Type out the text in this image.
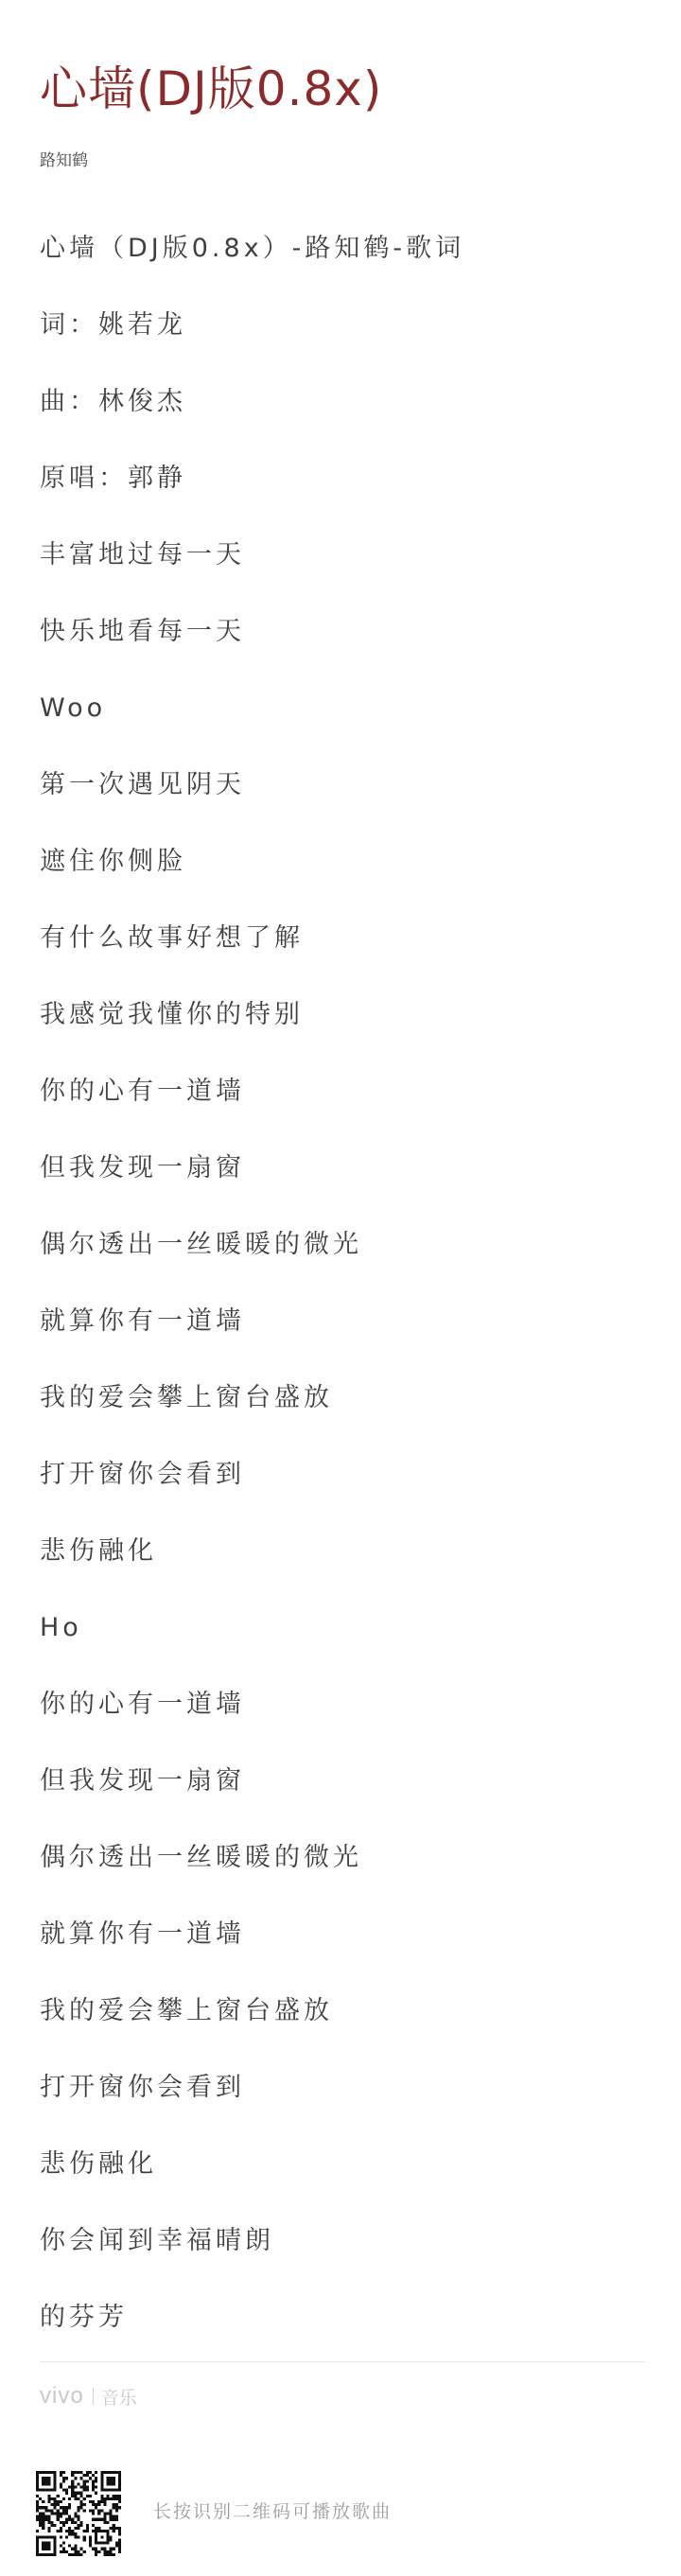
心墙(DJ版0.8x)
路知鹤
心墙（DJ版0.8x）-路知鹤-歌词
词：姚若龙
曲：林俊杰
原唱：郭静
丰富地过每一天
快乐地看每一天
Woo
第一次遇见阴天
遮住你侧脸
有什么故事好想了解
我感觉我懂你的特别
你的心有一道墙
但我发现一扇窗
偶尔透出一丝暖暖的微光
就算你有一道墙
我的爱会攀上窗台盛放
打开窗你会看到
悲伤融化
Ho
你的心有一道墙
但我发现一扇窗
偶尔透出一丝暖暖的微光
就算你有一道墙
我的爱会攀上窗台盛放
打开窗你会看到
悲伤融化
你会闻到幸福晴朗
的芬芳
vivo 音乐
长按识别二维码可播放歌曲
